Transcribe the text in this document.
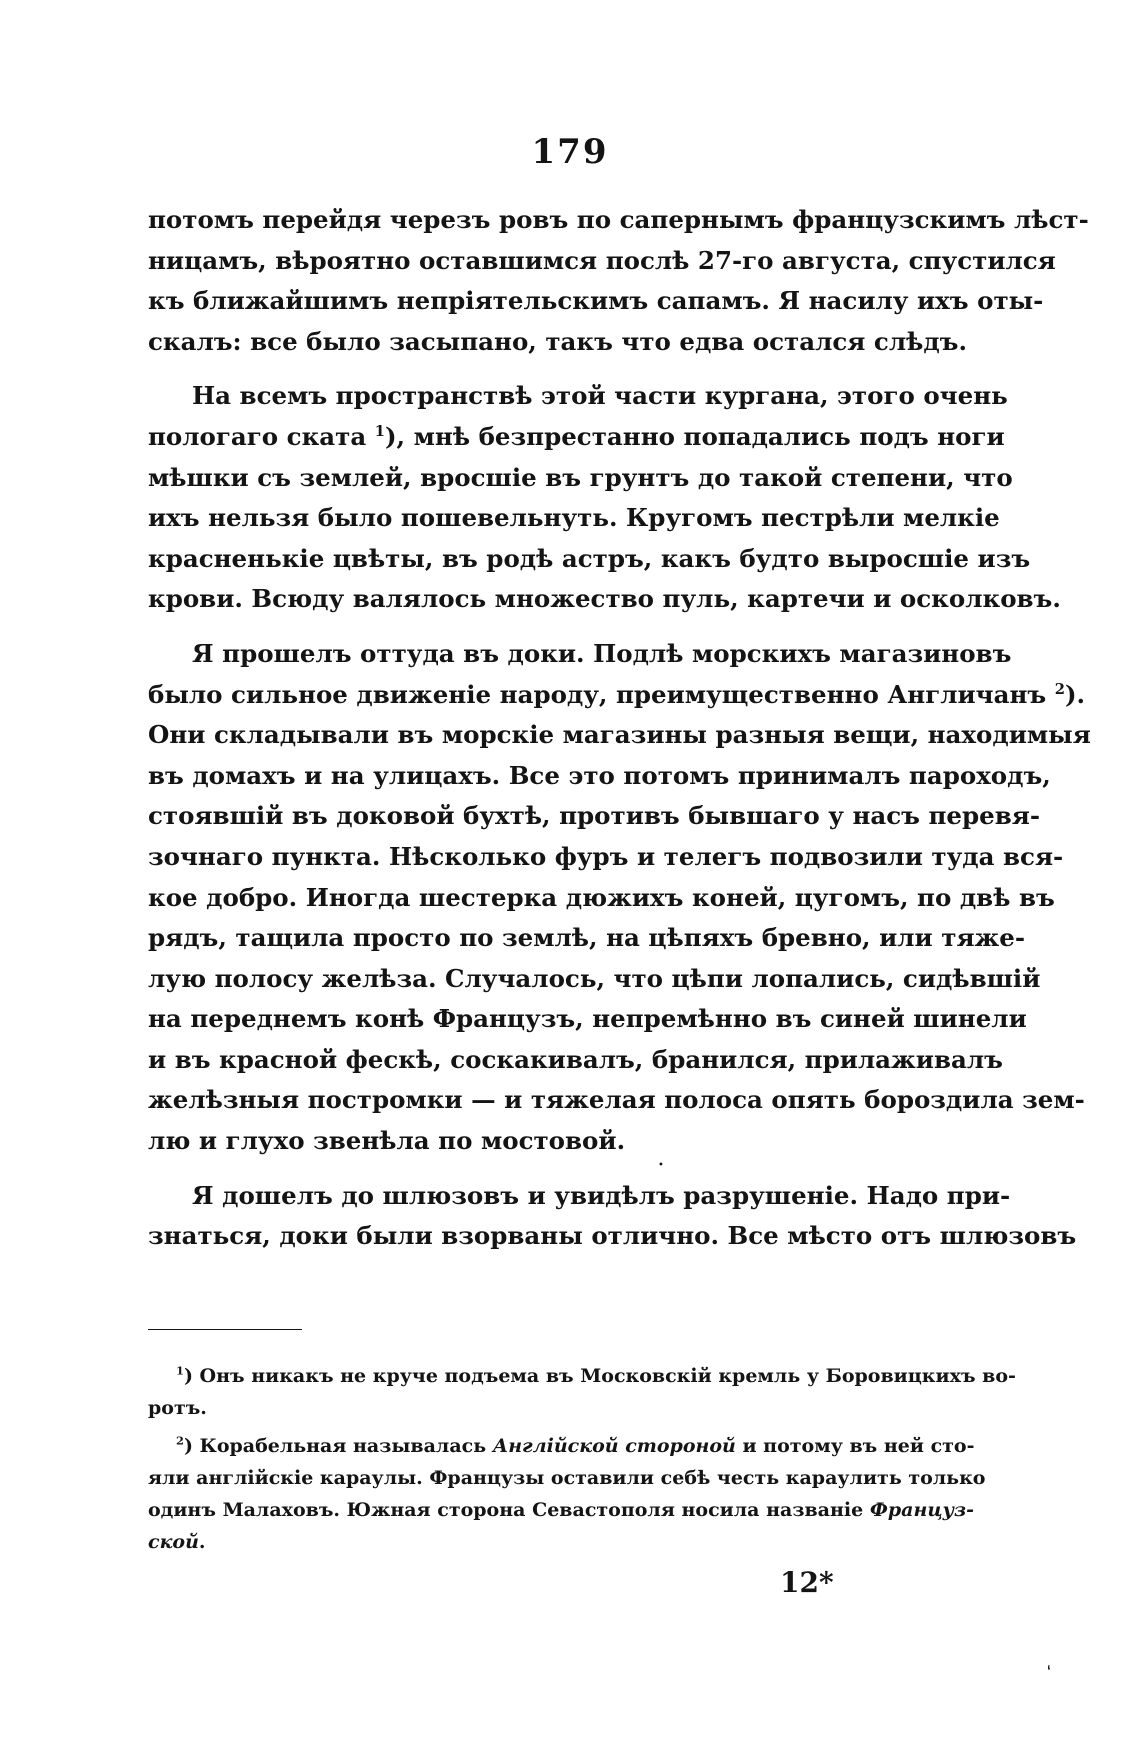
179
потомъ перейдя черезъ ровъ по сапернымъ французскимъ лѣст-
ницамъ, вѣроятно оставшимся послѣ 27-го августа, спустился
къ ближайшимъ непріятельскимъ сапамъ. Я насилу ихъ оты-
скалъ: все было засыпано, такъ что едва остался слѣдъ.
На всемъ пространствѣ этой части кургана, этого очень
пологаго ската $^1$), мнѣ безпрестанно попадались подъ ноги
мѣшки съ землей, вросшіе въ грунтъ до такой степени, что
ихъ нельзя было пошевельнуть. Кругомъ пестрѣли мелкіе
красненькіе цвѣты, въ родѣ астръ, какъ будто выросшіе изъ
крови. Всюду валялось множество пуль, картечи и осколковъ.
Я прошелъ оттуда въ доки. Подлѣ морскихъ магазиновъ
было сильное движеніе народу, преимущественно Англичанъ $^2$).
Они складывали въ морскіе магазины разныя вещи, находимыя
въ домахъ и на улицахъ. Все это потомъ принималъ пароходъ,
стоявшій въ доковой бухтѣ, противъ бывшаго у насъ перевя-
зочнаго пункта. Нѣсколько фуръ и телегъ подвозили туда вся-
кое добро. Иногда шестерка дюжихъ коней, цугомъ, по двѣ въ
рядъ, тащила просто по землѣ, на цѣпяхъ бревно, или тяже-
лую полосу желѣза. Случалось, что цѣпи лопались, сидѣвшій
на переднемъ конѣ Французъ, непремѣнно въ синей шинели
и въ красной фескѣ, соскакивалъ, бранился, прилаживалъ
желѣзныя постромки — и тяжелая полоса опять бороздила зем-
лю и глухо звенѣла по мостовой.
Я дошелъ до шлюзовъ и увидѣлъ разрушеніе. Надо при-
знаться, доки были взорваны отлично. Все мѣсто отъ шлюзовъ
•
$^1$) Онъ никакъ не круче подъема въ Московскій кремль у Боровицкихъ во-
ротъ.
$^2$) Корабельная называлась Англійской стороной и потому въ ней сто-
яли англійскіе караулы. Французы оставили себѣ честь караулить только
одинъ Малаховъ. Южная сторона Севастополя носила названіе Француз-
ской.
12*
‘
